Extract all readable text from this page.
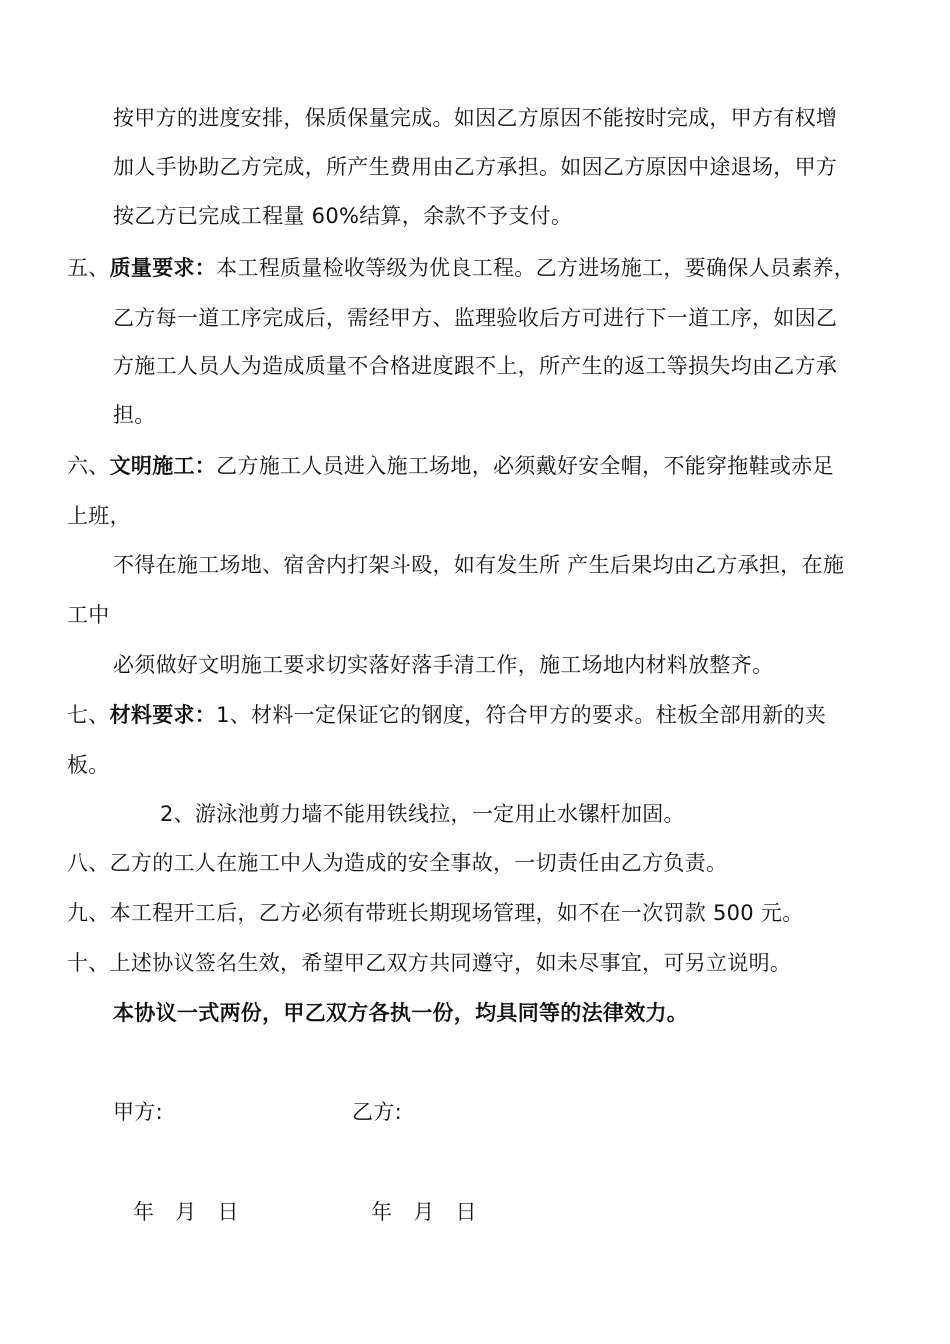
按甲方的进度安排，保质保量完成。如因乙方原因不能按时完成，甲方有权增
加人手协助乙方完成，所产生费用由乙方承担。如因乙方原因中途退场，甲方
按乙方已完成工程量 60%结算，余款不予支付。
五、质量要求：本工程质量检收等级为优良工程。乙方进场施工，要确保人员素养，
乙方每一道工序完成后，需经甲方、监理验收后方可进行下一道工序，如因乙
方施工人员人为造成质量不合格进度跟不上，所产生的返工等损失均由乙方承
担。
六、文明施工：乙方施工人员进入施工场地，必须戴好安全帽，不能穿拖鞋或赤足
上班，
不得在施工场地、宿舍内打架斗殴，如有发生所 产生后果均由乙方承担，在施
工中
必须做好文明施工要求切实落好落手清工作，施工场地内材料放整齐。
七、材料要求：1、材料一定保证它的钢度，符合甲方的要求。柱板全部用新的夹
板。
2、游泳池剪力墙不能用铁线拉，一定用止水镙杆加固。
八、乙方的工人在施工中人为造成的安全事故，一切责任由乙方负责。
九、本工程开工后，乙方必须有带班长期现场管理，如不在一次罚款 500 元。
十、上述协议签名生效，希望甲乙双方共同遵守，如未尽事宜，可另立说明。
本协议一式两份，甲乙双方各执一份，均具同等的法律效力。
甲方:	乙方:
年   月   日	年   月   日
